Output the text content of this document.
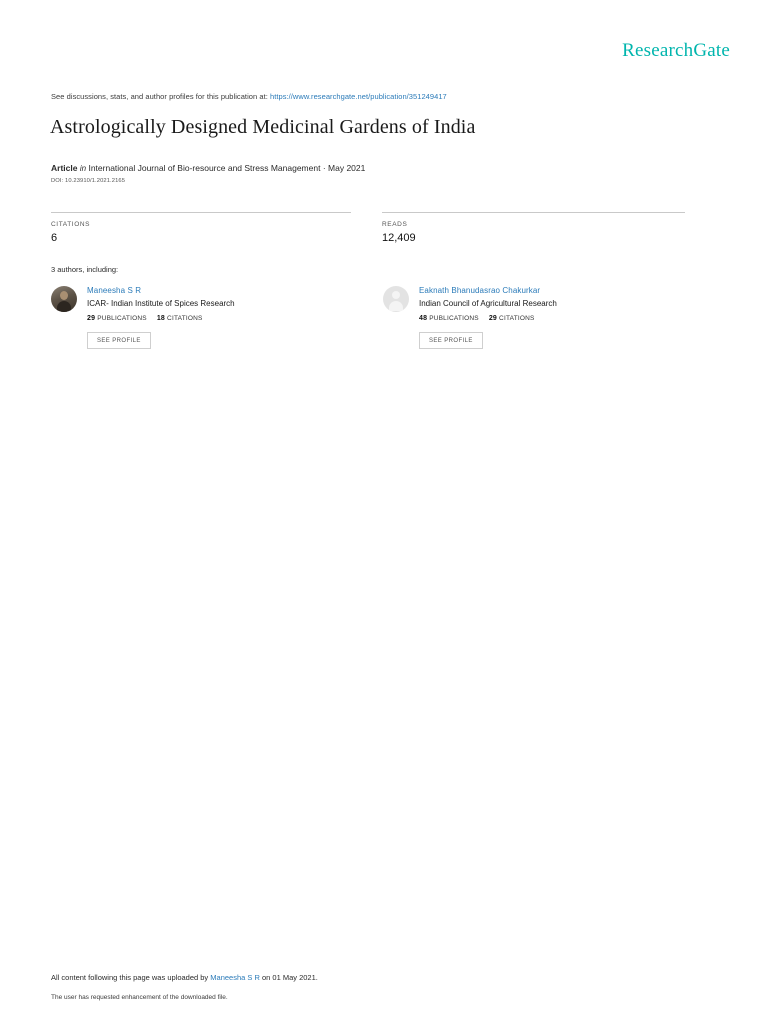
ResearchGate
See discussions, stats, and author profiles for this publication at: https://www.researchgate.net/publication/351249417
Astrologically Designed Medicinal Gardens of India
Article in International Journal of Bio-resource and Stress Management · May 2021
DOI: 10.23910/1.2021.2165
CITATIONS
6
READS
12,409
3 authors, including:
Maneesha S R
ICAR- Indian Institute of Spices Research
29 PUBLICATIONS 18 CITATIONS
SEE PROFILE
Eaknath Bhanudasrao Chakurkar
Indian Council of Agricultural Research
48 PUBLICATIONS 29 CITATIONS
SEE PROFILE
All content following this page was uploaded by Maneesha S R on 01 May 2021.
The user has requested enhancement of the downloaded file.
